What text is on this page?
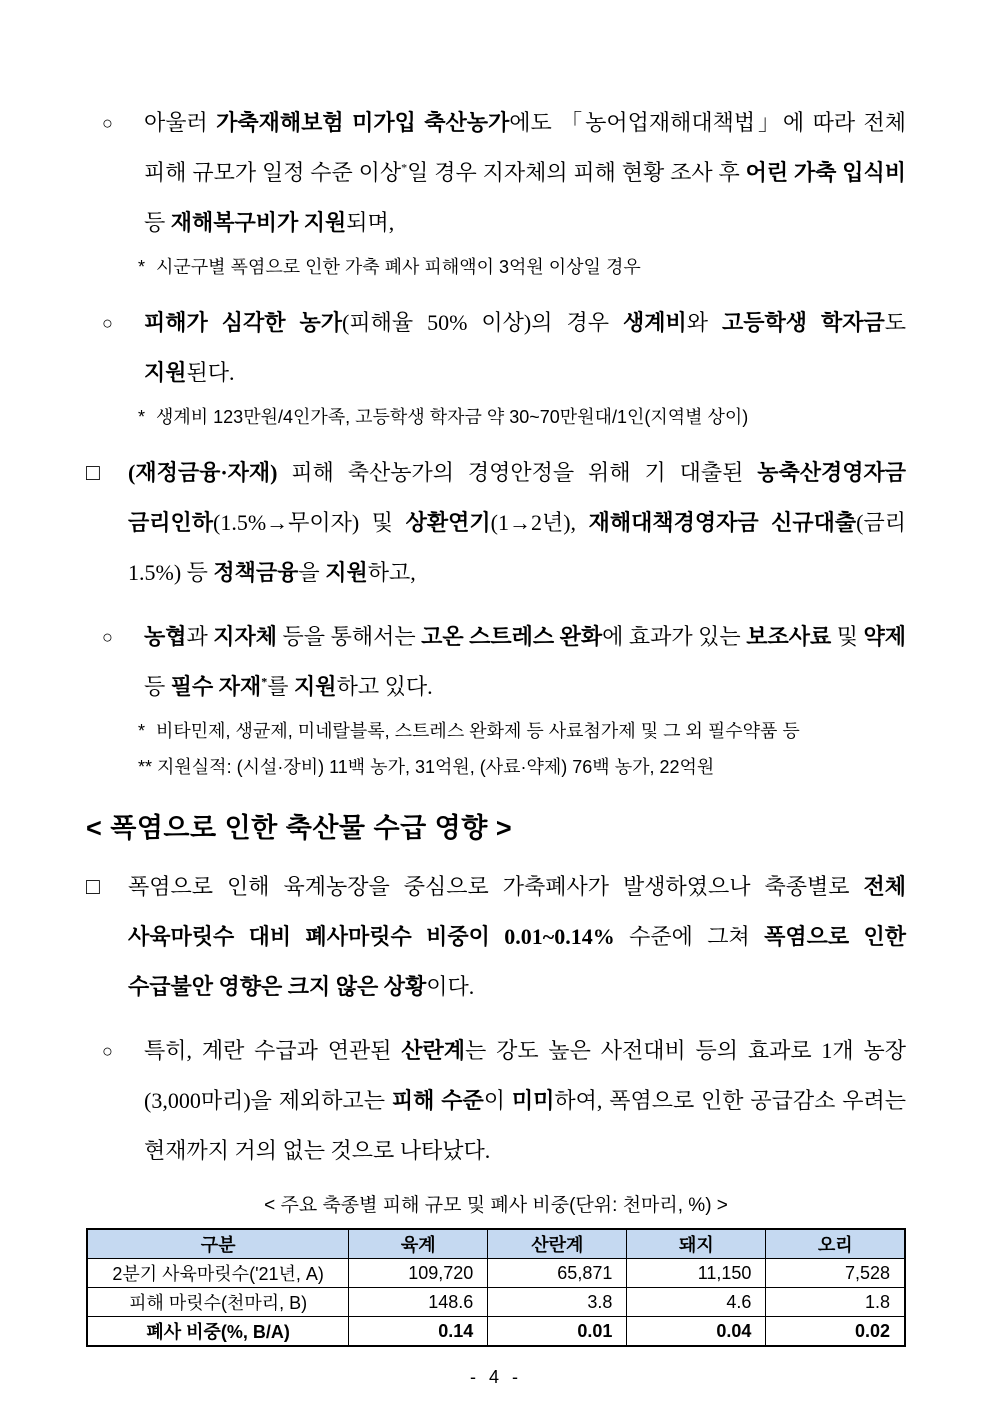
○	아울러 가축재해보험 미가입 축산농가에도 「농어업재해대책법」에 따라 전체 피해 규모가 일정 수준 이상*일 경우 지자체의 피해 현황 조사 후 어린 가축 입식비 등 재해복구비가 지원되며,
* 시군구별 폭염으로 인한 가축 폐사 피해액이 3억원 이상일 경우
○	피해가 심각한 농가(피해율 50% 이상)의 경우 생계비와 고등학생 학자금도 지원된다.
* 생계비 123만원/4인가족, 고등학생 학자금 약 30~70만원대/1인(지역별 상이)
□	(재정금융·자재) 피해 축산농가의 경영안정을 위해 기 대출된 농축산경영자금 금리인하(1.5%→무이자) 및 상환연기(1→2년), 재해대책경영자금 신규대출(금리 1.5%) 등 정책금융을 지원하고,
○	농협과 지자체 등을 통해서는 고온 스트레스 완화에 효과가 있는 보조사료 및 약제 등 필수 자재*를 지원하고 있다.
* 비타민제, 생균제, 미네랄블록, 스트레스 완화제 등 사료첨가제 및 그 외 필수약품 등
** 지원실적: (시설·장비) 11백 농가, 31억원, (사료·약제) 76백 농가, 22억원
< 폭염으로 인한 축산물 수급 영향 >
□	폭염으로 인해 육계농장을 중심으로 가축폐사가 발생하였으나 축종별로 전체 사육마릿수 대비 폐사마릿수 비중이 0.01~0.14% 수준에 그쳐 폭염으로 인한 수급불안 영향은 크지 않은 상황이다.
○	특히, 계란 수급과 연관된 산란계는 강도 높은 사전대비 등의 효과로 1개 농장(3,000마리)을 제외하고는 피해 수준이 미미하여, 폭염으로 인한 공급감소 우려는 현재까지 거의 없는 것으로 나타났다.
< 주요 축종별 피해 규모 및 폐사 비중(단위: 천마리, %) >
구분	육계	산란계	돼지	오리
2분기 사육마릿수('21년, A)	109,720	65,871	11,150	7,528
피해 마릿수(천마리, B)	148.6	3.8	4.6	1.8
폐사 비중(%, B/A)	0.14	0.01	0.04	0.02
- 4 -
